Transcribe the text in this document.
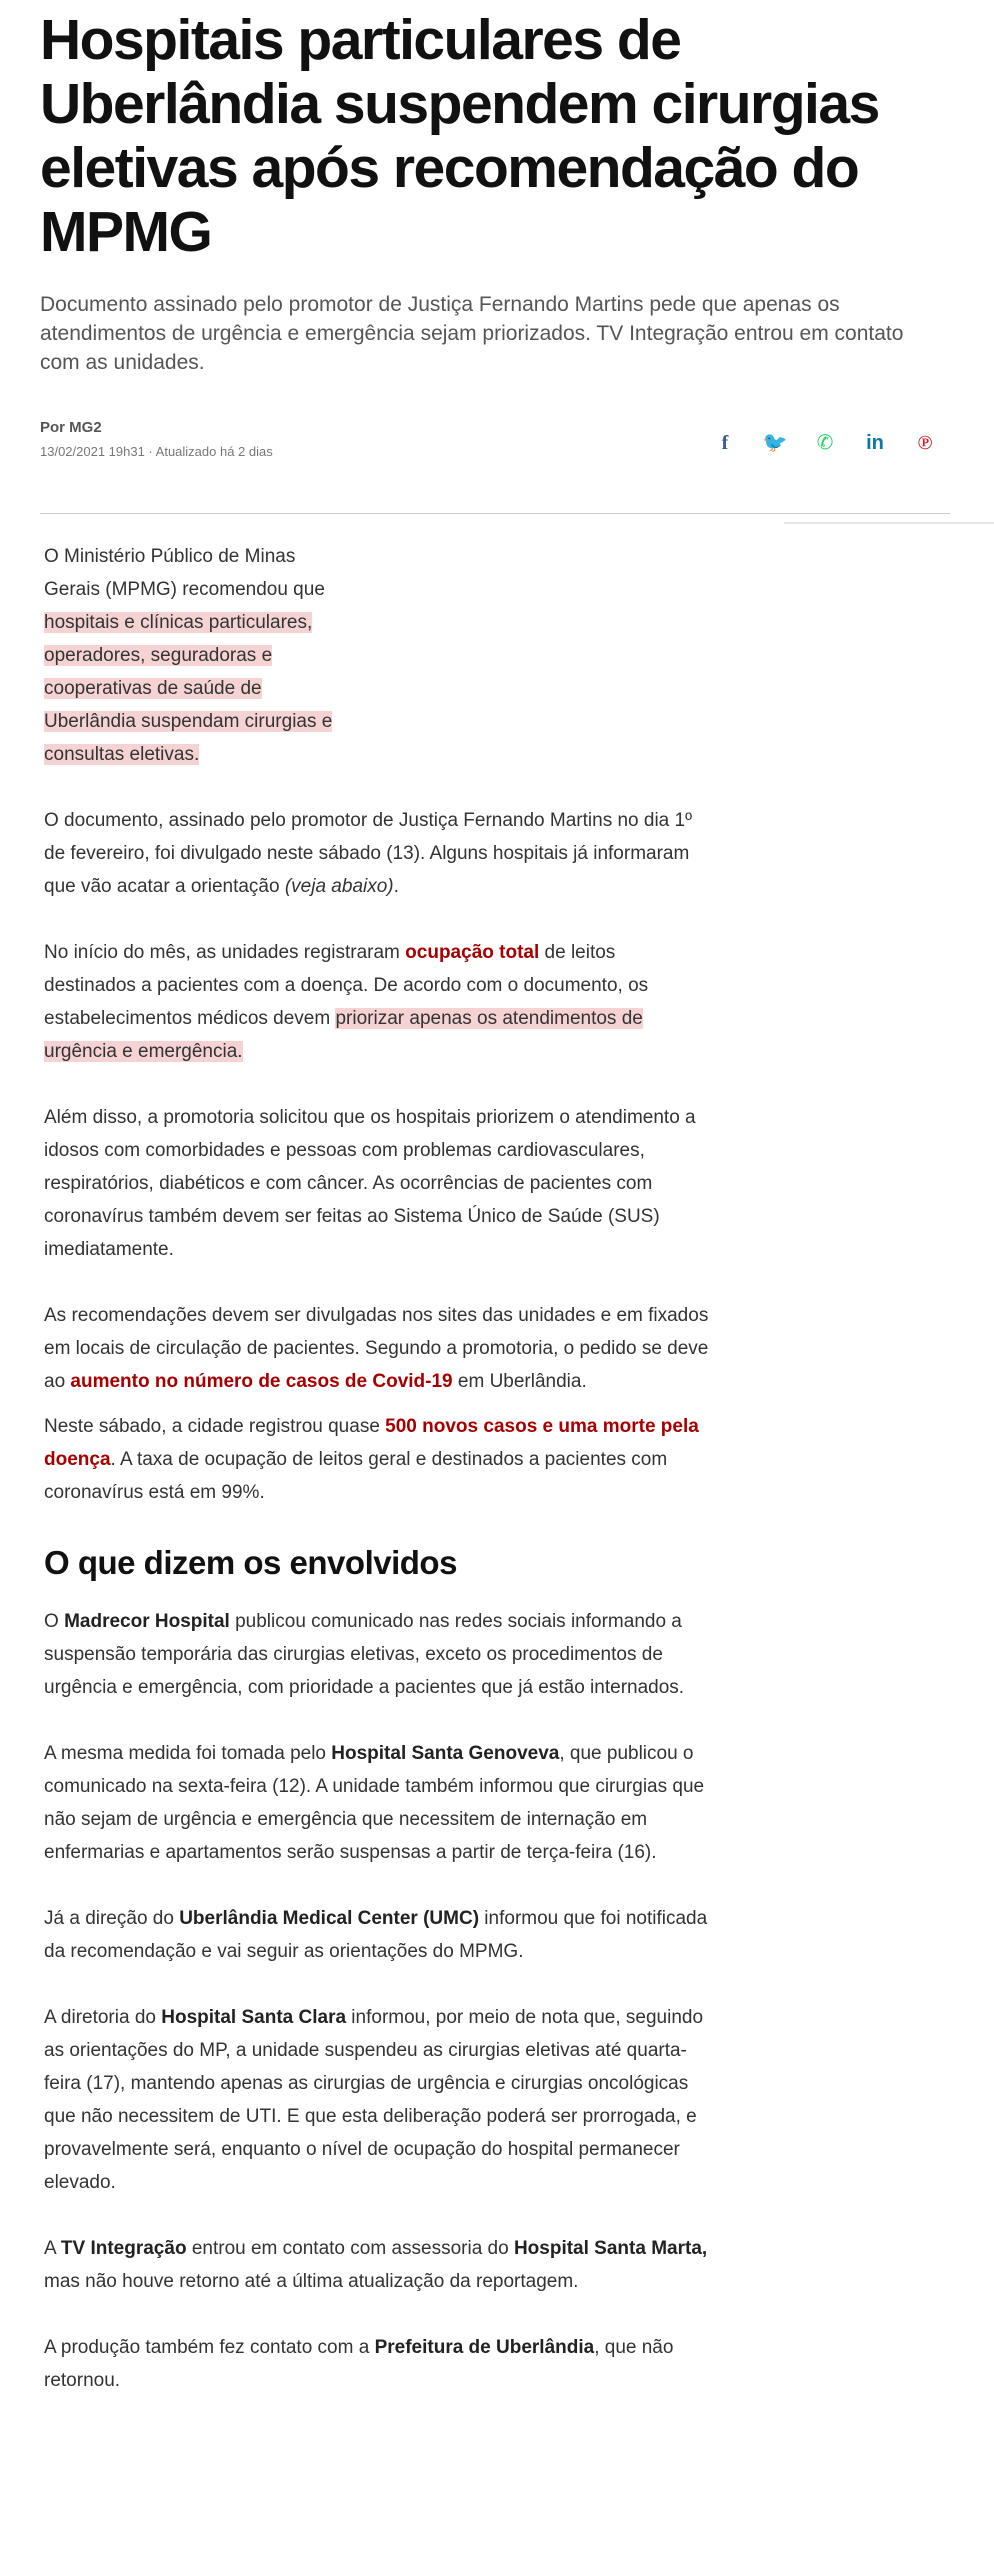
Hospitais particulares de Uberlândia suspendem cirurgias eletivas após recomendação do MPMG
Documento assinado pelo promotor de Justiça Fernando Martins pede que apenas os atendimentos de urgência e emergência sejam priorizados. TV Integração entrou em contato com as unidades.
Por MG2
13/02/2021 19h31 · Atualizado há 2 dias	f	🐦	✆	in	℗

O Ministério Público de Minas Gerais (MPMG) recomendou que hospitais e clínicas particulares, operadores, seguradoras e cooperativas de saúde de Uberlândia suspendam cirurgias e consultas eletivas.

O documento, assinado pelo promotor de Justiça Fernando Martins no dia 1º de fevereiro, foi divulgado neste sábado (13). Alguns hospitais já informaram que vão acatar a orientação (veja abaixo).

No início do mês, as unidades registraram ocupação total de leitos destinados a pacientes com a doença. De acordo com o documento, os estabelecimentos médicos devem priorizar apenas os atendimentos de urgência e emergência.

Além disso, a promotoria solicitou que os hospitais priorizem o atendimento a idosos com comorbidades e pessoas com problemas cardiovasculares, respiratórios, diabéticos e com câncer. As ocorrências de pacientes com coronavírus também devem ser feitas ao Sistema Único de Saúde (SUS) imediatamente.

As recomendações devem ser divulgadas nos sites das unidades e em fixados em locais de circulação de pacientes. Segundo a promotoria, o pedido se deve ao aumento no número de casos de Covid-19 em Uberlândia.

Neste sábado, a cidade registrou quase 500 novos casos e uma morte pela doença. A taxa de ocupação de leitos geral e destinados a pacientes com coronavírus está em 99%.

O que dizem os envolvidos

O Madrecor Hospital publicou comunicado nas redes sociais informando a suspensão temporária das cirurgias eletivas, exceto os procedimentos de urgência e emergência, com prioridade a pacientes que já estão internados.

A mesma medida foi tomada pelo Hospital Santa Genoveva, que publicou o comunicado na sexta-feira (12). A unidade também informou que cirurgias que não sejam de urgência e emergência que necessitem de internação em enfermarias e apartamentos serão suspensas a partir de terça-feira (16).

Já a direção do Uberlândia Medical Center (UMC) informou que foi notificada da recomendação e vai seguir as orientações do MPMG.

A diretoria do Hospital Santa Clara informou, por meio de nota que, seguindo as orientações do MP, a unidade suspendeu as cirurgias eletivas até quarta-feira (17), mantendo apenas as cirurgias de urgência e cirurgias oncológicas que não necessitem de UTI. E que esta deliberação poderá ser prorrogada, e provavelmente será, enquanto o nível de ocupação do hospital permanecer elevado.

A TV Integração entrou em contato com assessoria do Hospital Santa Marta, mas não houve retorno até a última atualização da reportagem.

A produção também fez contato com a Prefeitura de Uberlândia, que não retornou.
